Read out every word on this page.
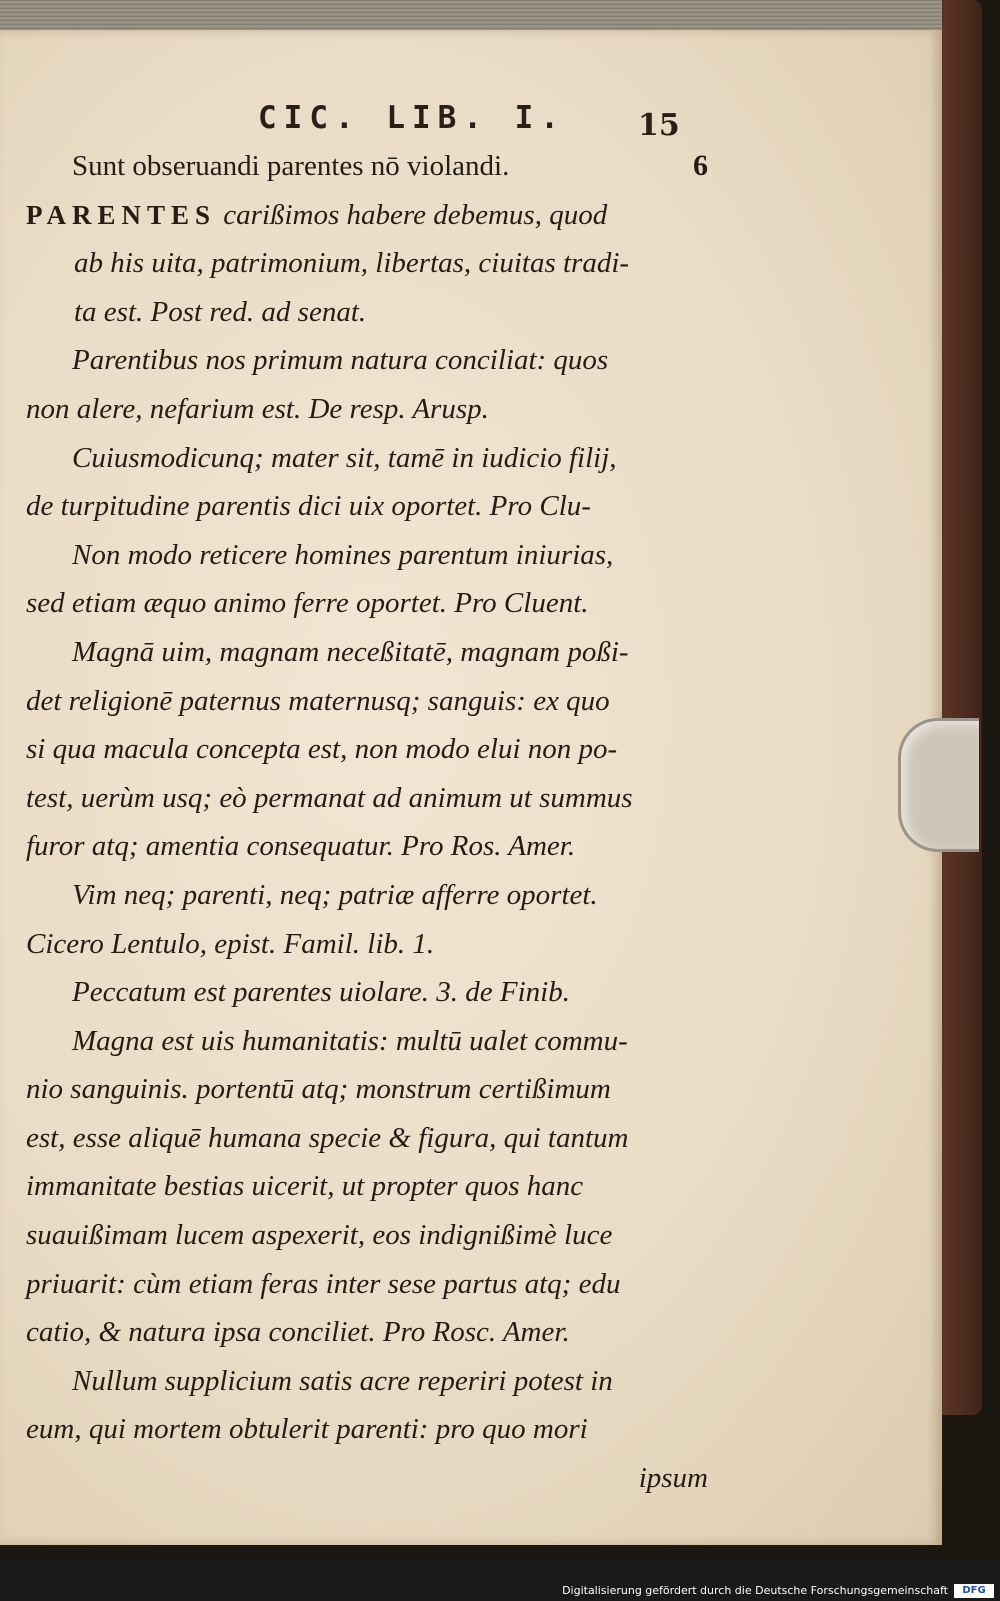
CIC. LIB. I. 15
Sunt obseruandi parentes nō violandi.	6
PARENTES carißimos habere debemus, quod
ab his uita, patrimonium, libertas, ciuitas tradi-
ta est. Post red. ad senat.
Parentibus nos primum natura conciliat: quos
non alere, nefarium est. De resp. Arusp.
Cuiusmodicunq; mater sit, tamē in iudicio filij,
de turpitudine parentis dici uix oportet. Pro Clu-
Non modo reticere homines parentum iniurias,
sed etiam æquo animo ferre oportet. Pro Cluent.
Magnā uim, magnam neceßitatē, magnam poßi-
det religionē paternus maternusq; sanguis: ex quo
si qua macula concepta est, non modo elui non po-
test, uerùm usq; eò permanat ad animum ut summus
furor atq; amentia consequatur. Pro Ros. Amer.
Vim neq; parenti, neq; patriæ afferre oportet.
Cicero Lentulo, epist. Famil. lib. 1.
Peccatum est parentes uiolare. 3. de Finib.
Magna est uis humanitatis: multū ualet commu-
nio sanguinis. portentū atq; monstrum certißimum
est, esse aliquē humana specie & figura, qui tantum
immanitate bestias uicerit, ut propter quos hanc
suauißimam lucem aspexerit, eos indignißimè luce
priuarit: cùm etiam feras inter sese partus atq; edu
catio, & natura ipsa conciliet. Pro Rosc. Amer.
Nullum supplicium satis acre reperiri potest in
eum, qui mortem obtulerit parenti: pro quo mori
ipsum
Digitalisierung gefördert durch die Deutsche Forschungsgemeinschaft	DFG
